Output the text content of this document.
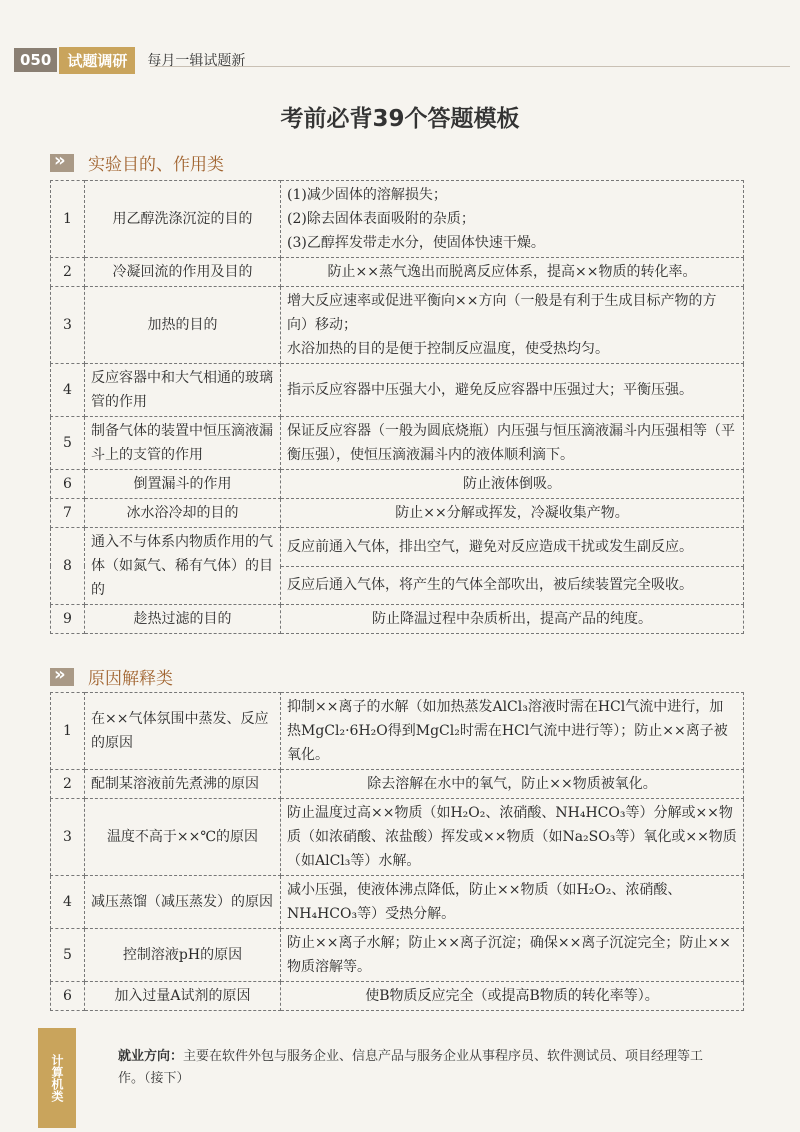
050	试题调研	每月一辑试题新
考前必背39个答题模板
»
实验目的、作用类
1	用乙醇洗涤沉淀的目的	(1)减少固体的溶解损失；
(2)除去固体表面吸附的杂质；
(3)乙醇挥发带走水分，使固体快速干燥。

2	冷凝回流的作用及目的	防止××蒸气逸出而脱离反应体系，提高××物质的转化率。
3	加热的目的	增大反应速率或促进平衡向××方向（一般是有利于生成目标产物的方向）移动；
水浴加热的目的是便于控制反应温度，使受热均匀。

4	反应容器中和大气相通的玻璃管的作用	指示反应容器中压强大小，避免反应容器中压强过大；平衡压强。
5	制备气体的装置中恒压滴液漏斗上的支管的作用	保证反应容器（一般为圆底烧瓶）内压强与恒压滴液漏斗内压强相等（平衡压强），使恒压滴液漏斗内的液体顺利滴下。
6	倒置漏斗的作用	防止液体倒吸。
7	冰水浴冷却的目的	防止××分解或挥发，冷凝收集产物。
8	通入不与体系内物质作用的气体（如氮气、稀有气体）的目的	反应前通入气体，排出空气，避免对反应造成干扰或发生副反应。
		反应后通入气体，将产生的气体全部吹出，被后续装置完全吸收。
9	趁热过滤的目的	防止降温过程中杂质析出，提高产品的纯度。
»
原因解释类
1	在××气体氛围中蒸发、反应的原因	抑制××离子的水解（如加热蒸发AlCl₃溶液时需在HCl气流中进行，加热MgCl₂·6H₂O得到MgCl₂时需在HCl气流中进行等）；防止××离子被氧化。
2	配制某溶液前先煮沸的原因	除去溶解在水中的氧气，防止××物质被氧化。
3	温度不高于××℃的原因	防止温度过高××物质（如H₂O₂、浓硝酸、NH₄HCO₃等）分解或××物质（如浓硝酸、浓盐酸）挥发或××物质（如Na₂SO₃等）氧化或××物质（如AlCl₃等）水解。
4	减压蒸馏（减压蒸发）的原因	减小压强，使液体沸点降低，防止××物质（如H₂O₂、浓硝酸、NH₄HCO₃等）受热分解。
5	控制溶液pH的原因	防止××离子水解；防止××离子沉淀；确保××离子沉淀完全；防止××物质溶解等。
6	加入过量A试剂的原因	使B物质反应完全（或提高B物质的转化率等）。
计算机类	就业方向：主要在软件外包与服务企业、信息产品与服务企业从事程序员、软件测试员、项目经理等工作。（接下）
